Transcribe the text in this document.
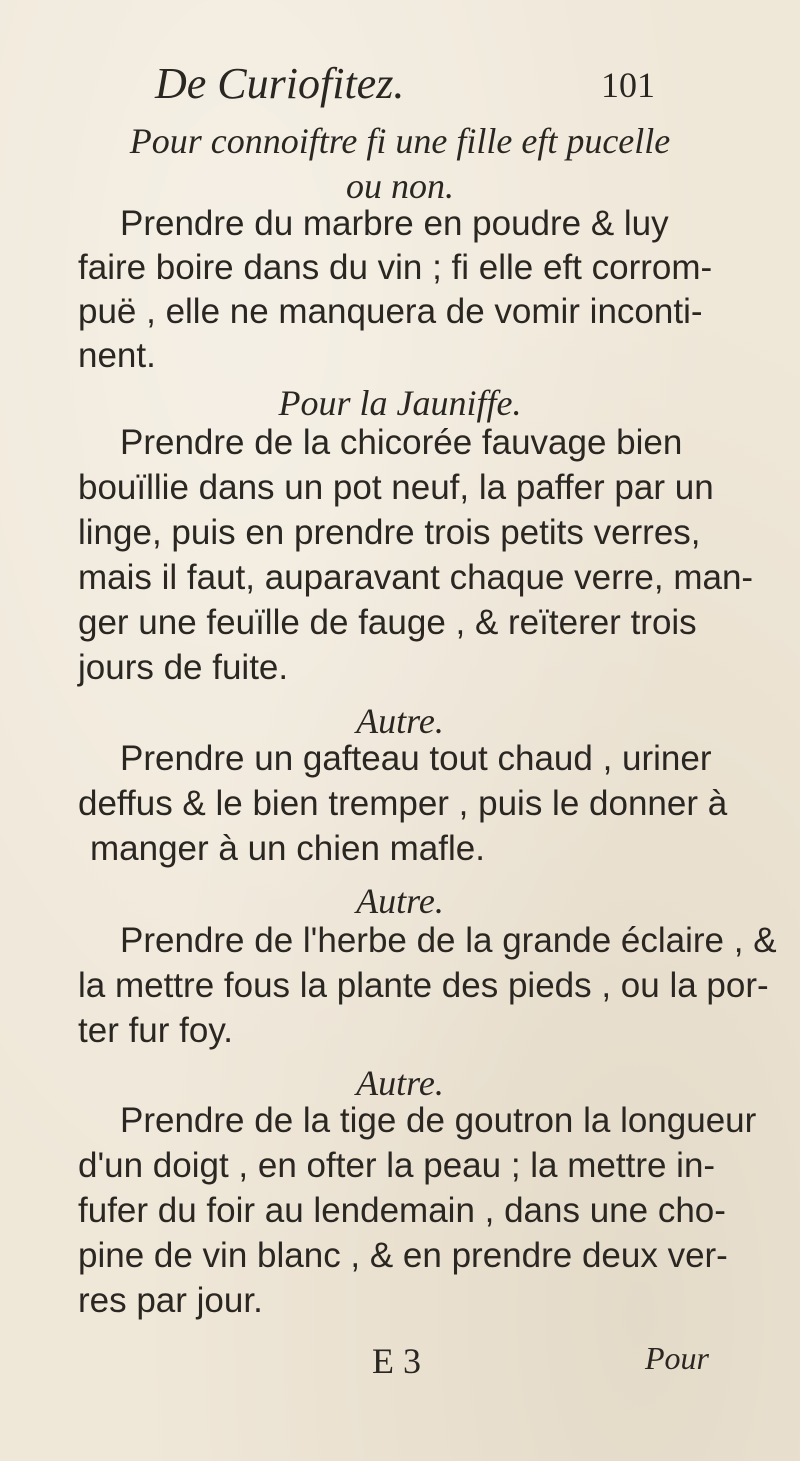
De Curiofitez.	101
Pour connoiftre fi une fille eft pucelle
ou non.
Prendre du marbre en poudre & luy
faire boire dans du vin ; fi elle eft corrom-
puë , elle ne manquera de vomir inconti-
nent.
Pour la Jauniffe.
Prendre de la chicorée fauvage bien
bouïllie dans un pot neuf, la paffer par un
linge, puis en prendre trois petits verres,
mais il faut, auparavant chaque verre, man-
ger une feuïlle de fauge , & reïterer trois
jours de fuite.
Autre.
Prendre un gafteau tout chaud , uriner
deffus & le bien tremper , puis le donner à
manger à un chien mafle.
Autre.
Prendre de l'herbe de la grande éclaire , &
la mettre fous la plante des pieds , ou la por-
ter fur foy.
Autre.
Prendre de la tige de goutron la longueur
d'un doigt , en ofter la peau ; la mettre in-
fufer du foir au lendemain , dans une cho-
pine de vin blanc , & en prendre deux ver-
res par jour.
E 3	Pour
